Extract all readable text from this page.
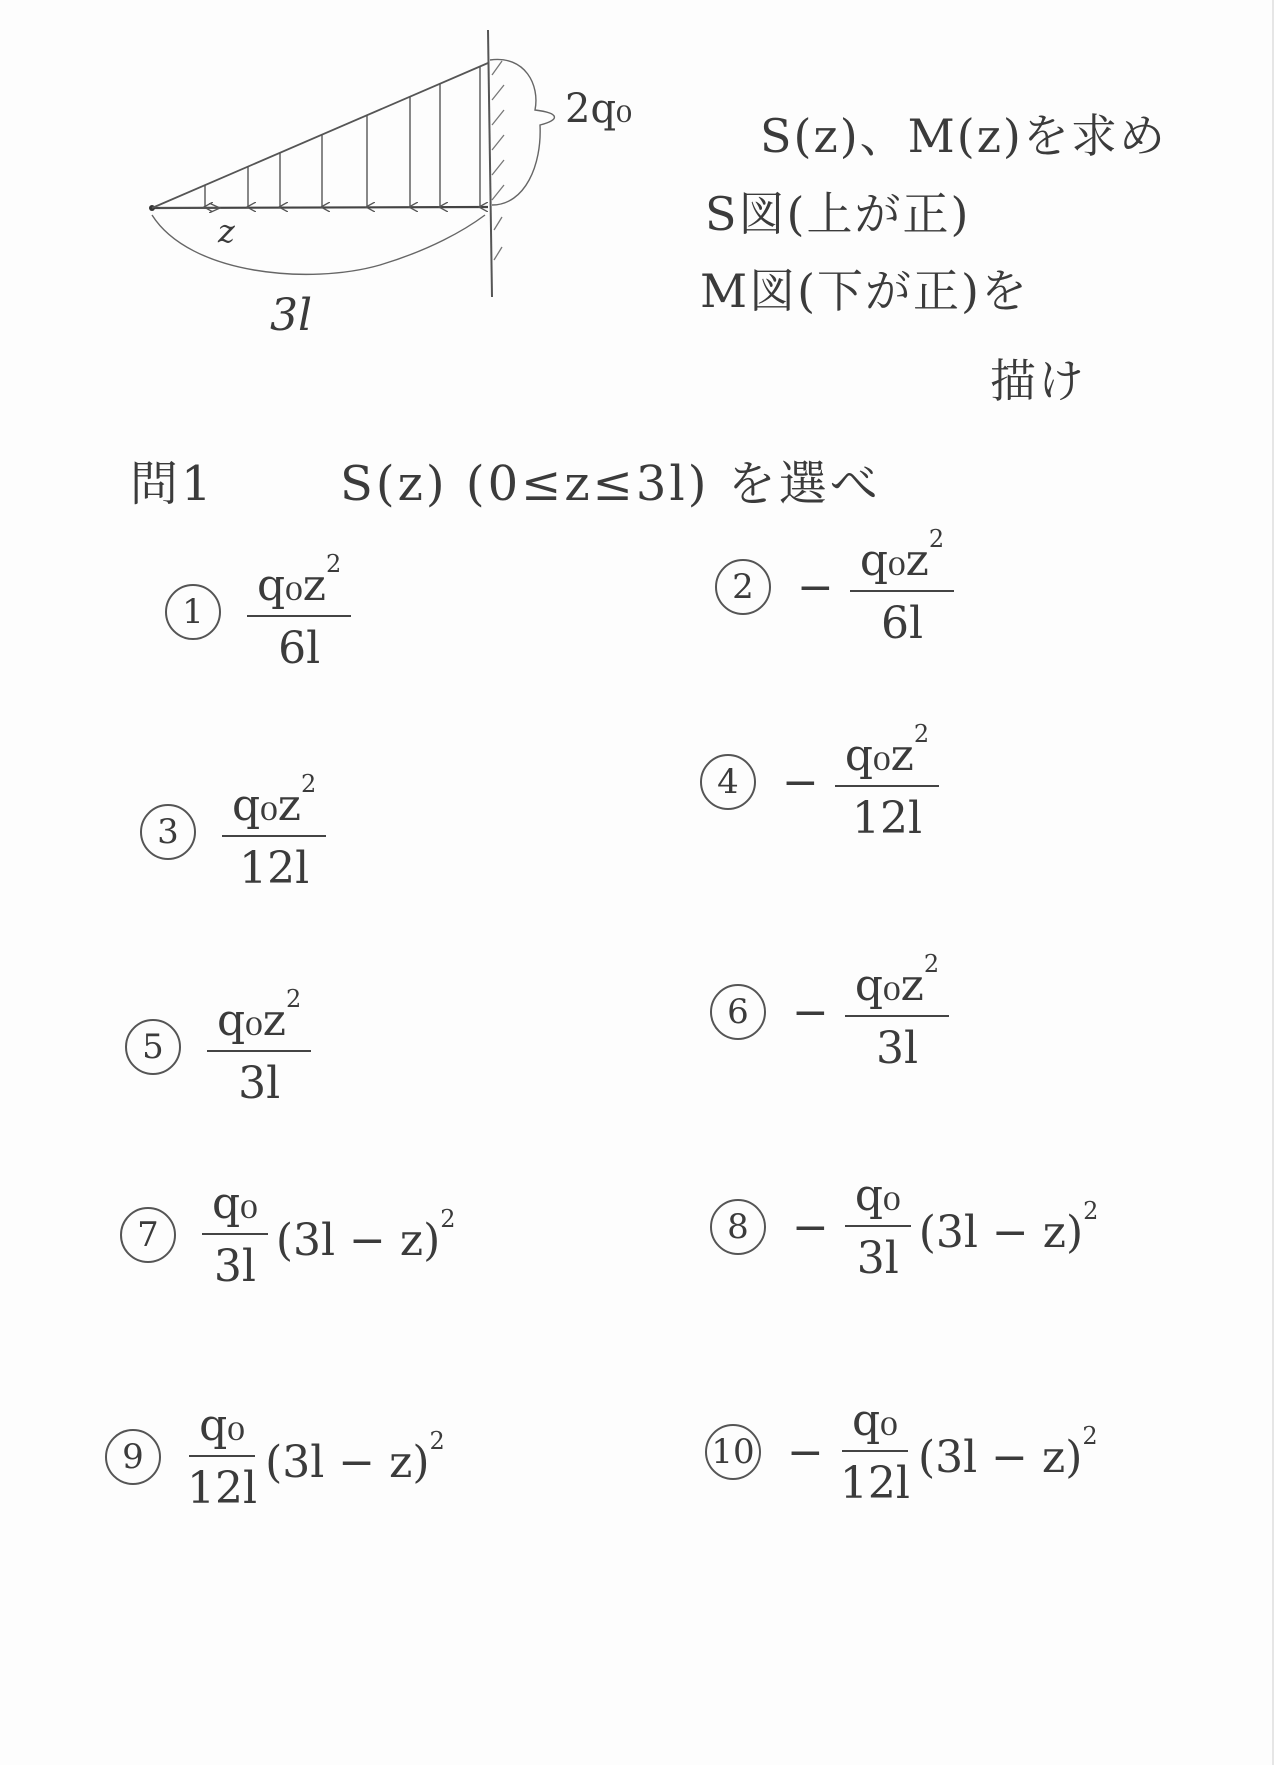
2q₀
z
3l
S(z)、M(z)を求め
S図(上が正)
M図(下が正)を
描け
問1	S(z) (0≤z≤3l) を選べ
$1 \frac{q_0z^2}{6l}$	$2 - \frac{q_0z^2}{6l}$
$3 \frac{q_0z^2}{12l}$	$4 - \frac{q_0z^2}{12l}$
$5 \frac{q_0z^2}{3l}$	$6 - \frac{q_0z^2}{3l}$
$7 \frac{\text{q₀}}{3l} (3l - z)^2$	$8 - \frac{\text{q₀}}{3l} (3l - z)^2$
$9 \frac{\text{q₀}}{12l} (3l - z)^2$	$10 - \frac{\text{q₀}}{12l} (3l - z)^2$
